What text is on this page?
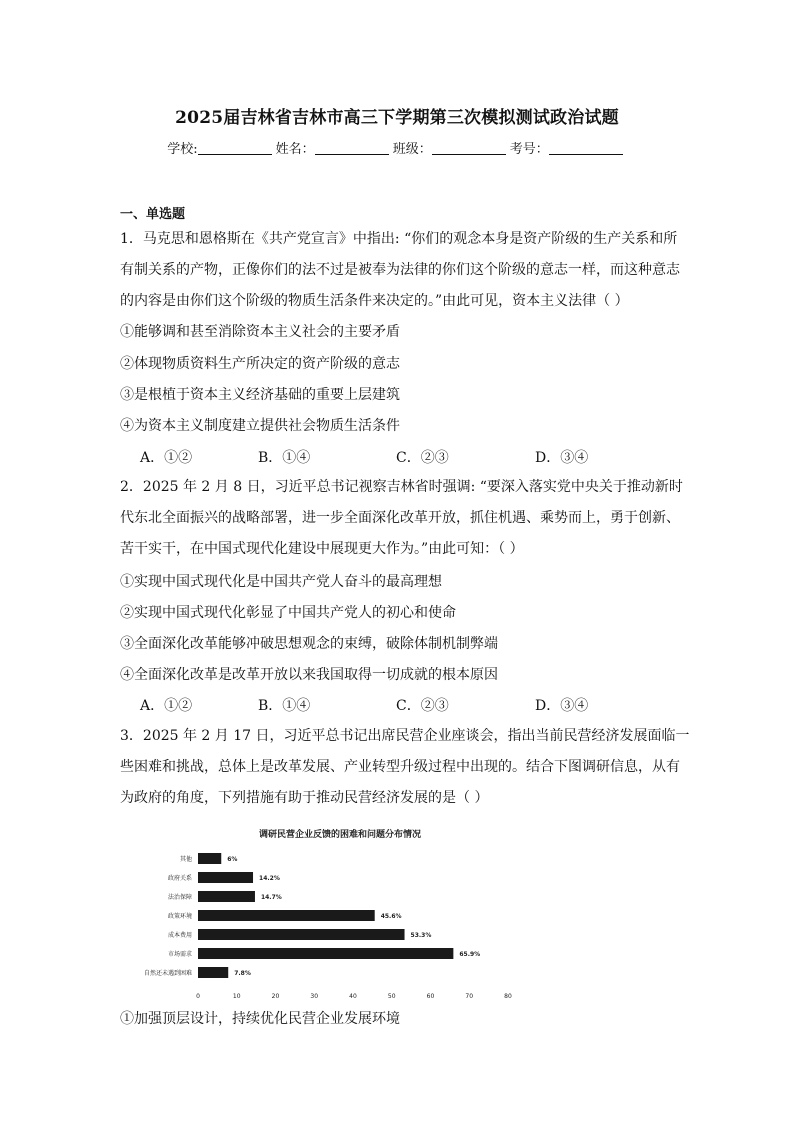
2025届吉林省吉林市高三下学期第三次模拟测试政治试题
学校:	姓名：	班级：	考号：
一、单选题
1．马克思和恩格斯在《共产党宣言》中指出: “你们的观念本身是资产阶级的生产关系和所
有制关系的产物，正像你们的法不过是被奉为法律的你们这个阶级的意志一样，而这种意志
的内容是由你们这个阶级的物质生活条件来决定的。”由此可见，资本主义法律（ ）
①能够调和甚至消除资本主义社会的主要矛盾
②体现物质资料生产所决定的资产阶级的意志
③是根植于资本主义经济基础的重要上层建筑
④为资本主义制度建立提供社会物质生活条件
A．①②	B．①④	C．②③	D．③④
2．2025 年 2 月 8 日，习近平总书记视察吉林省时强调: “要深入落实党中央关于推动新时
代东北全面振兴的战略部署，进一步全面深化改革开放，抓住机遇、乘势而上，勇于创新、
苦干实干，在中国式现代化建设中展现更大作为。”由此可知：（ ）
①实现中国式现代化是中国共产党人奋斗的最高理想
②实现中国式现代化彰显了中国共产党人的初心和使命
③全面深化改革能够冲破思想观念的束缚，破除体制机制弊端
④全面深化改革是改革开放以来我国取得一切成就的根本原因
A．①②	B．①④	C．②③	D．③④
3．2025 年 2 月 17 日，习近平总书记出席民营企业座谈会，指出当前民营经济发展面临一
些困难和挑战，总体上是改革发展、产业转型升级过程中出现的。结合下图调研信息，从有
为政府的角度，下列措施有助于推动民营经济发展的是（ ）
调研民营企业反馈的困难和问题分布情况
其他	6%
政府关系	14.2%
法治保障	14.7%
政策环境	45.6%
成本费用	53.3%
市场需求	65.9%
自然还未遇到困难	7.8%
0	10	20	30	40	50	60	70	80
①加强顶层设计，持续优化民营企业发展环境
